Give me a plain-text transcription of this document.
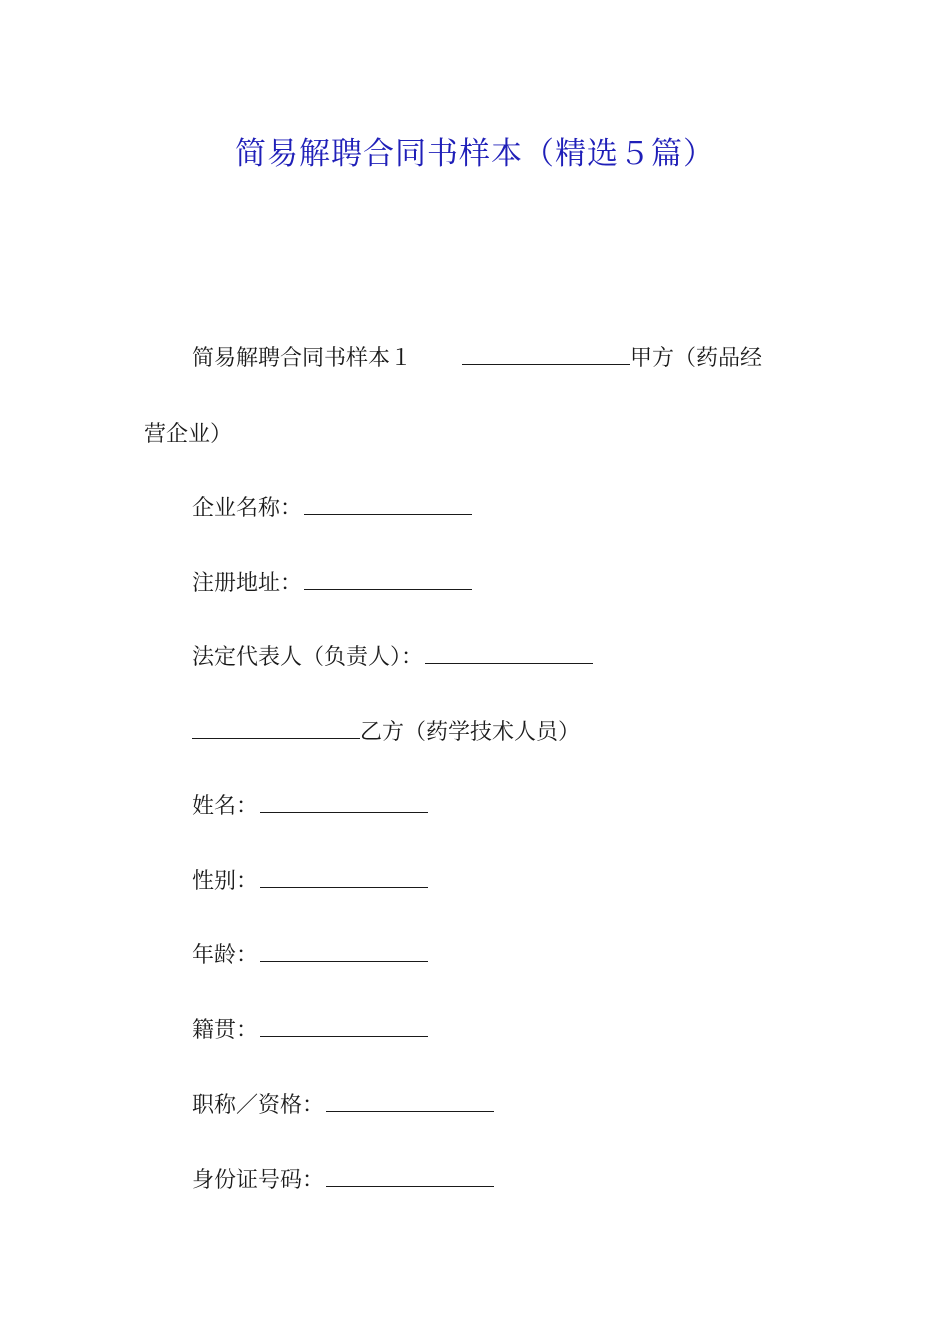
简易解聘合同书样本（精选５篇）
简易解聘合同书样本１	甲方（药品经
营企业）
企业名称：
注册地址：
法定代表人（负责人）：
乙方（药学技术人员）
姓名：
性别：
年龄：
籍贯：
职称／资格：
身份证号码：
